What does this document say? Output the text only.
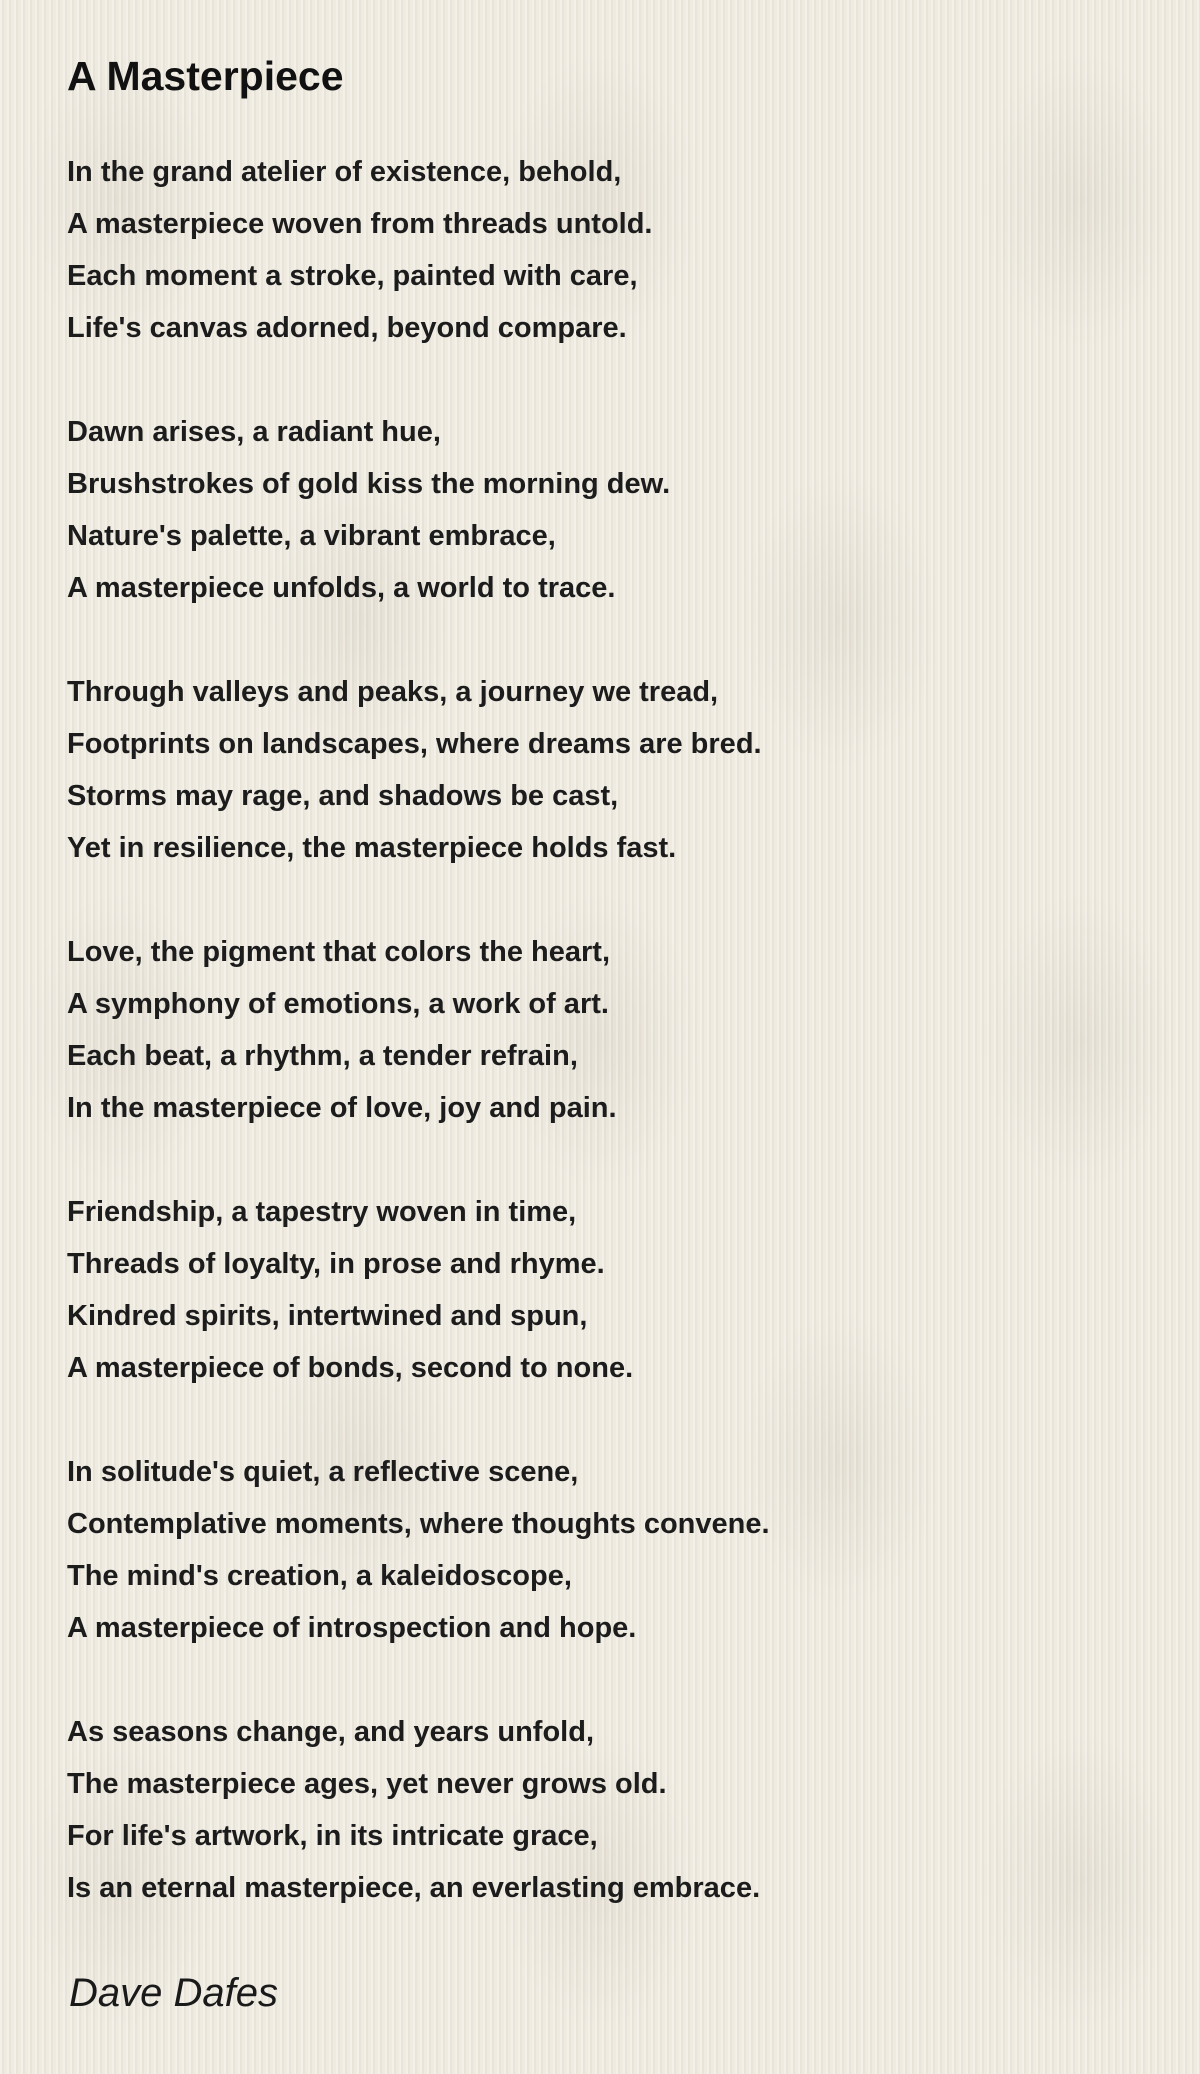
A Masterpiece
In the grand atelier of existence, behold,
A masterpiece woven from threads untold.
Each moment a stroke, painted with care,
Life's canvas adorned, beyond compare.
Dawn arises, a radiant hue,
Brushstrokes of gold kiss the morning dew.
Nature's palette, a vibrant embrace,
A masterpiece unfolds, a world to trace.
Through valleys and peaks, a journey we tread,
Footprints on landscapes, where dreams are bred.
Storms may rage, and shadows be cast,
Yet in resilience, the masterpiece holds fast.
Love, the pigment that colors the heart,
A symphony of emotions, a work of art.
Each beat, a rhythm, a tender refrain,
In the masterpiece of love, joy and pain.
Friendship, a tapestry woven in time,
Threads of loyalty, in prose and rhyme.
Kindred spirits, intertwined and spun,
A masterpiece of bonds, second to none.
In solitude's quiet, a reflective scene,
Contemplative moments, where thoughts convene.
The mind's creation, a kaleidoscope,
A masterpiece of introspection and hope.
As seasons change, and years unfold,
The masterpiece ages, yet never grows old.
For life's artwork, in its intricate grace,
Is an eternal masterpiece, an everlasting embrace.

Dave Dafes
